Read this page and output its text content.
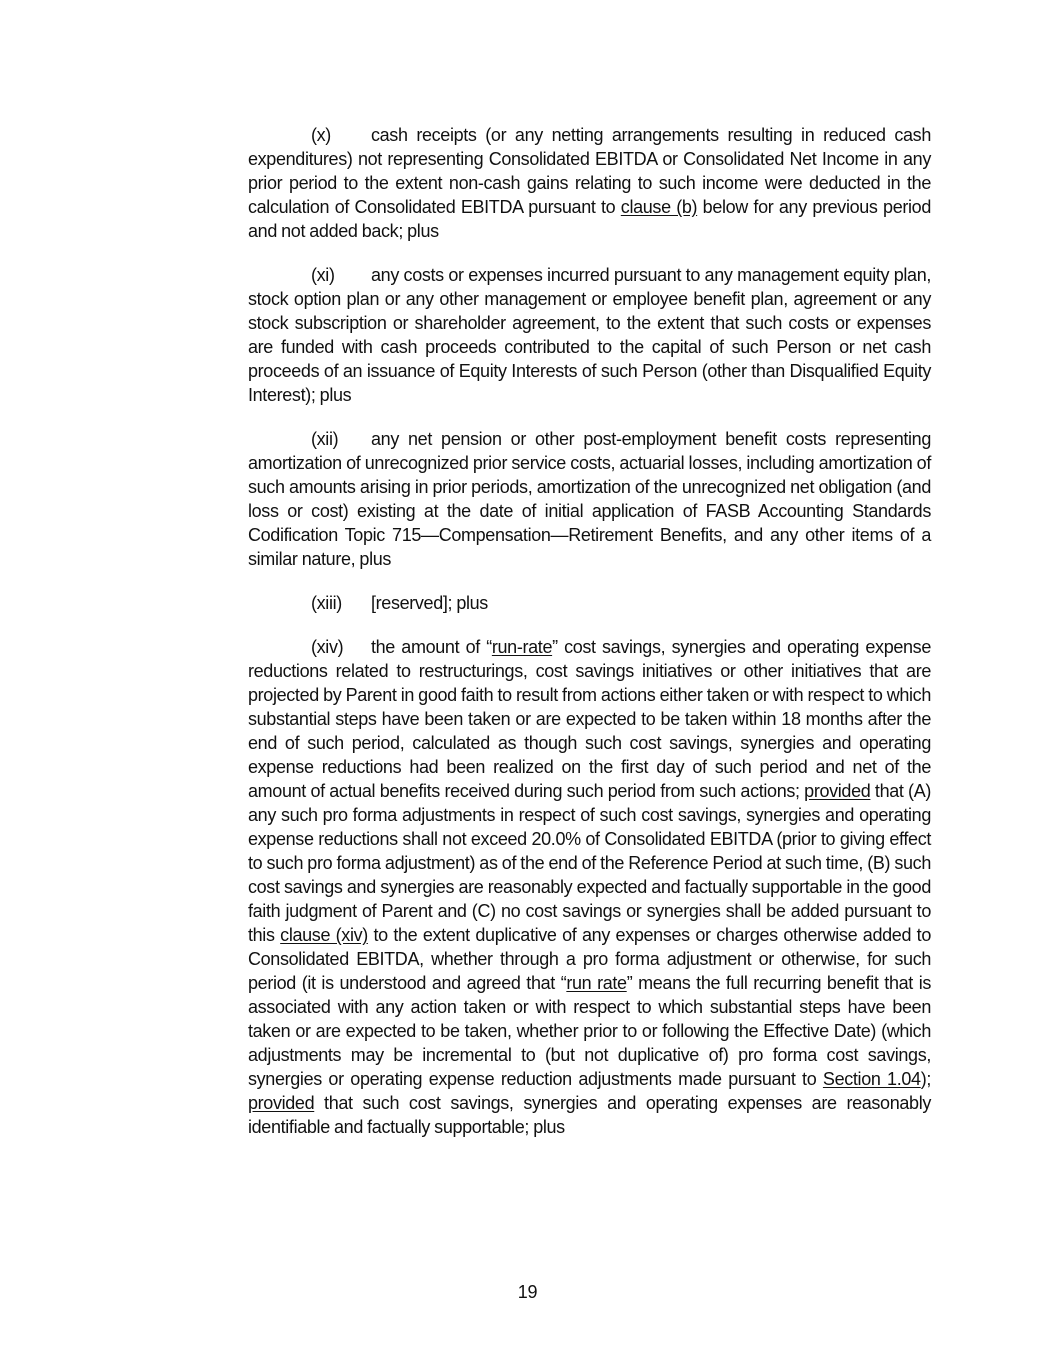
(x) cash receipts (or any netting arrangements resulting in reduced cash expenditures) not representing Consolidated EBITDA or Consolidated Net Income in any prior period to the extent non-cash gains relating to such income were deducted in the calculation of Consolidated EBITDA pursuant to clause (b) below for any previous period and not added back; plus

(xi) any costs or expenses incurred pursuant to any management equity plan, stock option plan or any other management or employee benefit plan, agreement or any stock subscription or shareholder agreement, to the extent that such costs or expenses are funded with cash proceeds contributed to the capital of such Person or net cash proceeds of an issuance of Equity Interests of such Person (other than Disqualified Equity Interest); plus

(xii) any net pension or other post-employment benefit costs representing amortization of unrecognized prior service costs, actuarial losses, including amortization of such amounts arising in prior periods, amortization of the unrecognized net obligation (and loss or cost) existing at the date of initial application of FASB Accounting Standards Codification Topic 715—Compensation—Retirement Benefits, and any other items of a similar nature, plus

(xiii) [reserved]; plus

(xiv) the amount of “run-rate” cost savings, synergies and operating expense reductions related to restructurings, cost savings initiatives or other initiatives that are projected by Parent in good faith to result from actions either taken or with respect to which substantial steps have been taken or are expected to be taken within 18 months after the end of such period, calculated as though such cost savings, synergies and operating expense reductions had been realized on the first day of such period and net of the amount of actual benefits received during such period from such actions; provided that (A) any such pro forma adjustments in respect of such cost savings, synergies and operating expense reductions shall not exceed 20.0% of Consolidated EBITDA (prior to giving effect to such pro forma adjustment) as of the end of the Reference Period at such time, (B) such cost savings and synergies are reasonably expected and factually supportable in the good faith judgment of Parent and (C) no cost savings or synergies shall be added pursuant to this clause (xiv) to the extent duplicative of any expenses or charges otherwise added to Consolidated EBITDA, whether through a pro forma adjustment or otherwise, for such period (it is understood and agreed that “run rate” means the full recurring benefit that is associated with any action taken or with respect to which substantial steps have been taken or are expected to be taken, whether prior to or following the Effective Date) (which adjustments may be incremental to (but not duplicative of) pro forma cost savings, synergies or operating expense reduction adjustments made pursuant to Section 1.04); provided that such cost savings, synergies and operating expenses are reasonably identifiable and factually supportable; plus

19
